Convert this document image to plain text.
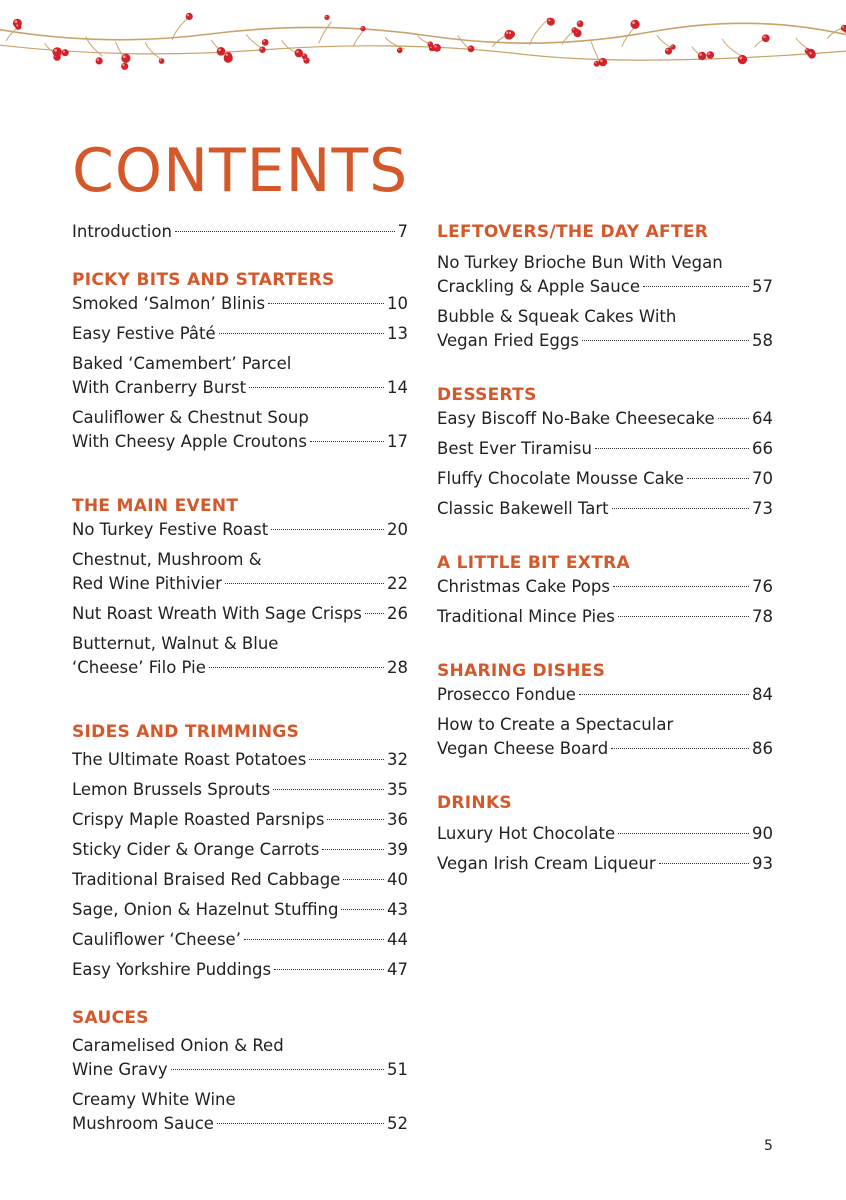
CONTENTS
Introduction	7
PICKY BITS AND STARTERS
Smoked ‘Salmon’ Blinis	10
Easy Festive Pâté	13
Baked ‘Camembert’ Parcel
With Cranberry Burst	14
Cauliflower & Chestnut Soup
With Cheesy Apple Croutons	17
THE MAIN EVENT
No Turkey Festive Roast	20
Chestnut, Mushroom &
Red Wine Pithivier	22
Nut Roast Wreath With Sage Crisps 26
Butternut, Walnut & Blue
‘Cheese’ Filo Pie	28
SIDES AND TRIMMINGS
The Ultimate Roast Potatoes	32
Lemon Brussels Sprouts	35
Crispy Maple Roasted Parsnips	36
Sticky Cider & Orange Carrots	39
Traditional Braised Red Cabbage	40
Sage, Onion & Hazelnut Stuffing	43
Cauliflower ‘Cheese’	44
Easy Yorkshire Puddings	47
SAUCES
Caramelised Onion & Red
Wine Gravy	51
Creamy White Wine
Mushroom Sauce	52
LEFTOVERS/THE DAY AFTER
No Turkey Brioche Bun With Vegan
Crackling & Apple Sauce	57
Bubble & Squeak Cakes With
Vegan Fried Eggs	58
DESSERTS
Easy Biscoff No-Bake Cheesecake 64
Best Ever Tiramisu	66
Fluffy Chocolate Mousse Cake	70
Classic Bakewell Tart	73
A LITTLE BIT EXTRA
Christmas Cake Pops	76
Traditional Mince Pies	78
SHARING DISHES
Prosecco Fondue	84
How to Create a Spectacular
Vegan Cheese Board	86
DRINKS
Luxury Hot Chocolate	90
Vegan Irish Cream Liqueur	93
5
